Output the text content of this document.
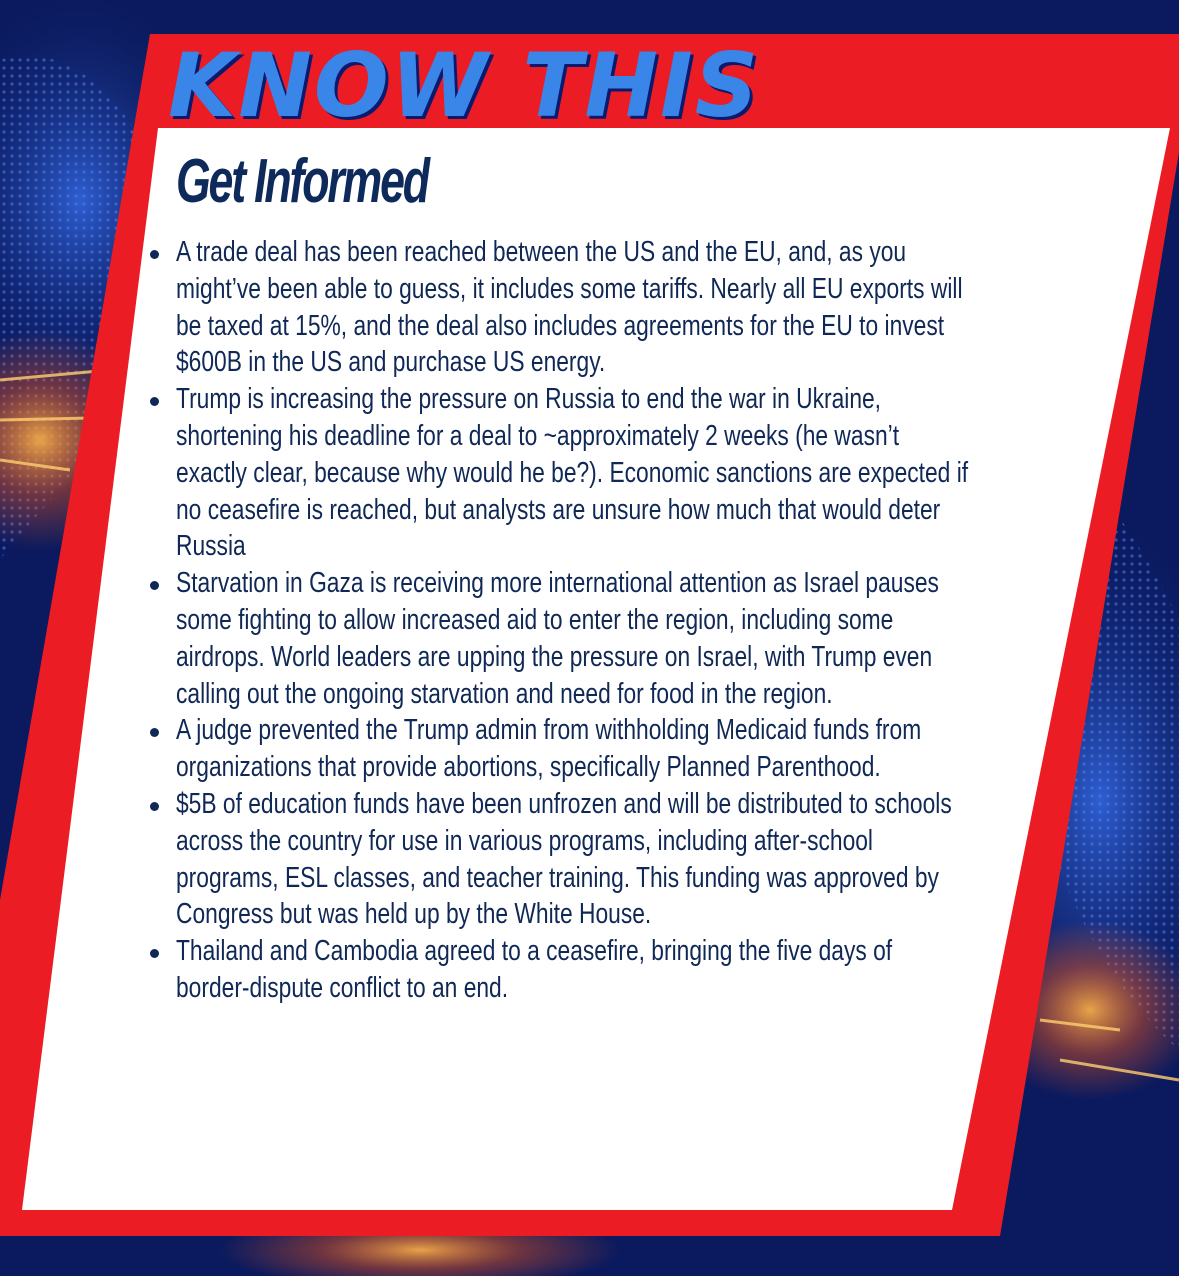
KNOW THIS
Get Informed
A trade deal has been reached between the US and the EU, and, as you might’ve been able to guess, it includes some tariffs. Nearly all EU exports will be taxed at 15%, and the deal also includes agreements for the EU to invest $600B in the US and purchase US energy.
Trump is increasing the pressure on Russia to end the war in Ukraine, shortening his deadline for a deal to ~approximately 2 weeks (he wasn’t exactly clear, because why would he be?). Economic sanctions are expected if no ceasefire is reached, but analysts are unsure how much that would deter Russia
Starvation in Gaza is receiving more international attention as Israel pauses some fighting to allow increased aid to enter the region, including some airdrops. World leaders are upping the pressure on Israel, with Trump even calling out the ongoing starvation and need for food in the region.
A judge prevented the Trump admin from withholding Medicaid funds from organizations that provide abortions, specifically Planned Parenthood.
$5B of education funds have been unfrozen and will be distributed to schools across the country for use in various programs, including after-school programs, ESL classes, and teacher training. This funding was approved by Congress but was held up by the White House.
Thailand and Cambodia agreed to a ceasefire, bringing the five days of border-dispute conflict to an end.
